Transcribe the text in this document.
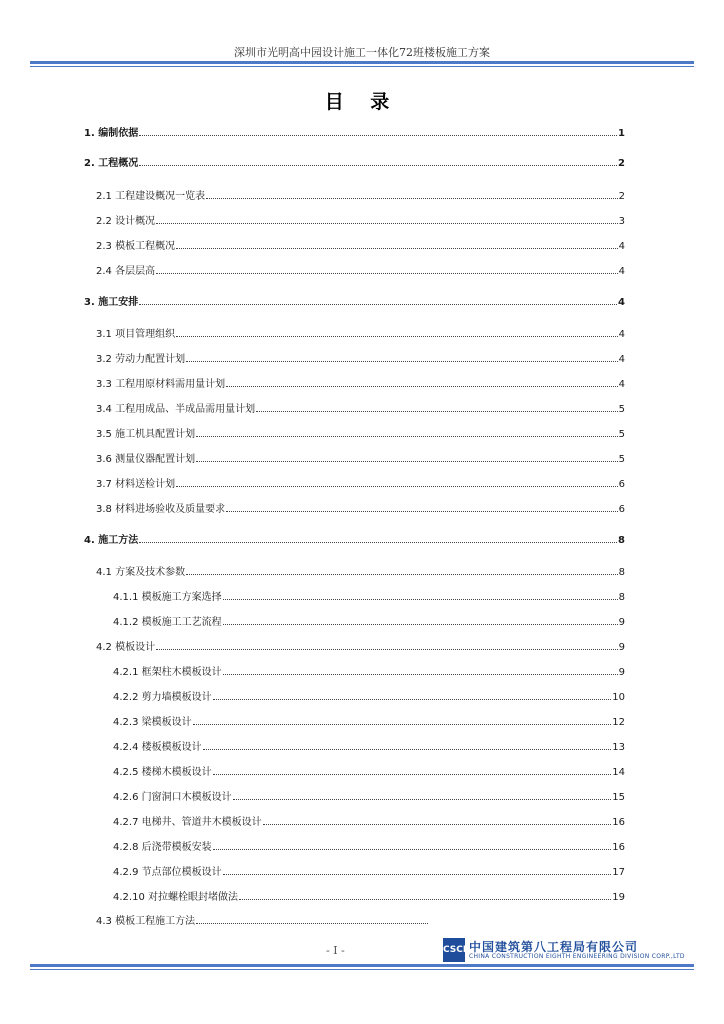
深圳市光明高中园设计施工一体化72班楼板施工方案
目 录
1. 编制依据	1
2. 工程概况	2
2.1 工程建设概况一览表	2
2.2 设计概况	3
2.3 模板工程概况	4
2.4 各层层高	4
3. 施工安排	4
3.1 项目管理组织	4
3.2 劳动力配置计划	4
3.3 工程用原材料需用量计划	4
3.4 工程用成品、半成品需用量计划	5
3.5 施工机具配置计划	5
3.6 测量仪器配置计划	5
3.7 材料送检计划	6
3.8 材料进场验收及质量要求	6
4. 施工方法	8
4.1 方案及技术参数	8
4.1.1 模板施工方案选择	8
4.1.2 模板施工工艺流程	9
4.2 模板设计	9
4.2.1 框架柱木模板设计	9
4.2.2 剪力墙模板设计	10
4.2.3 梁模板设计	12
4.2.4 楼板模板设计	13
4.2.5 楼梯木模板设计	14
4.2.6 门窗洞口木模板设计	15
4.2.7 电梯井、管道井木模板设计	16
4.2.8 后浇带模板安装	16
4.2.9 节点部位模板设计	17
4.2.10 对拉螺栓眼封堵做法	19
4.3 模板工程施工方法
- I -	CSCEC
中国建筑第八工程局有限公司
CHINA CONSTRUCTION EIGHTH ENGINEERING DIVISION CORP.,LTD
